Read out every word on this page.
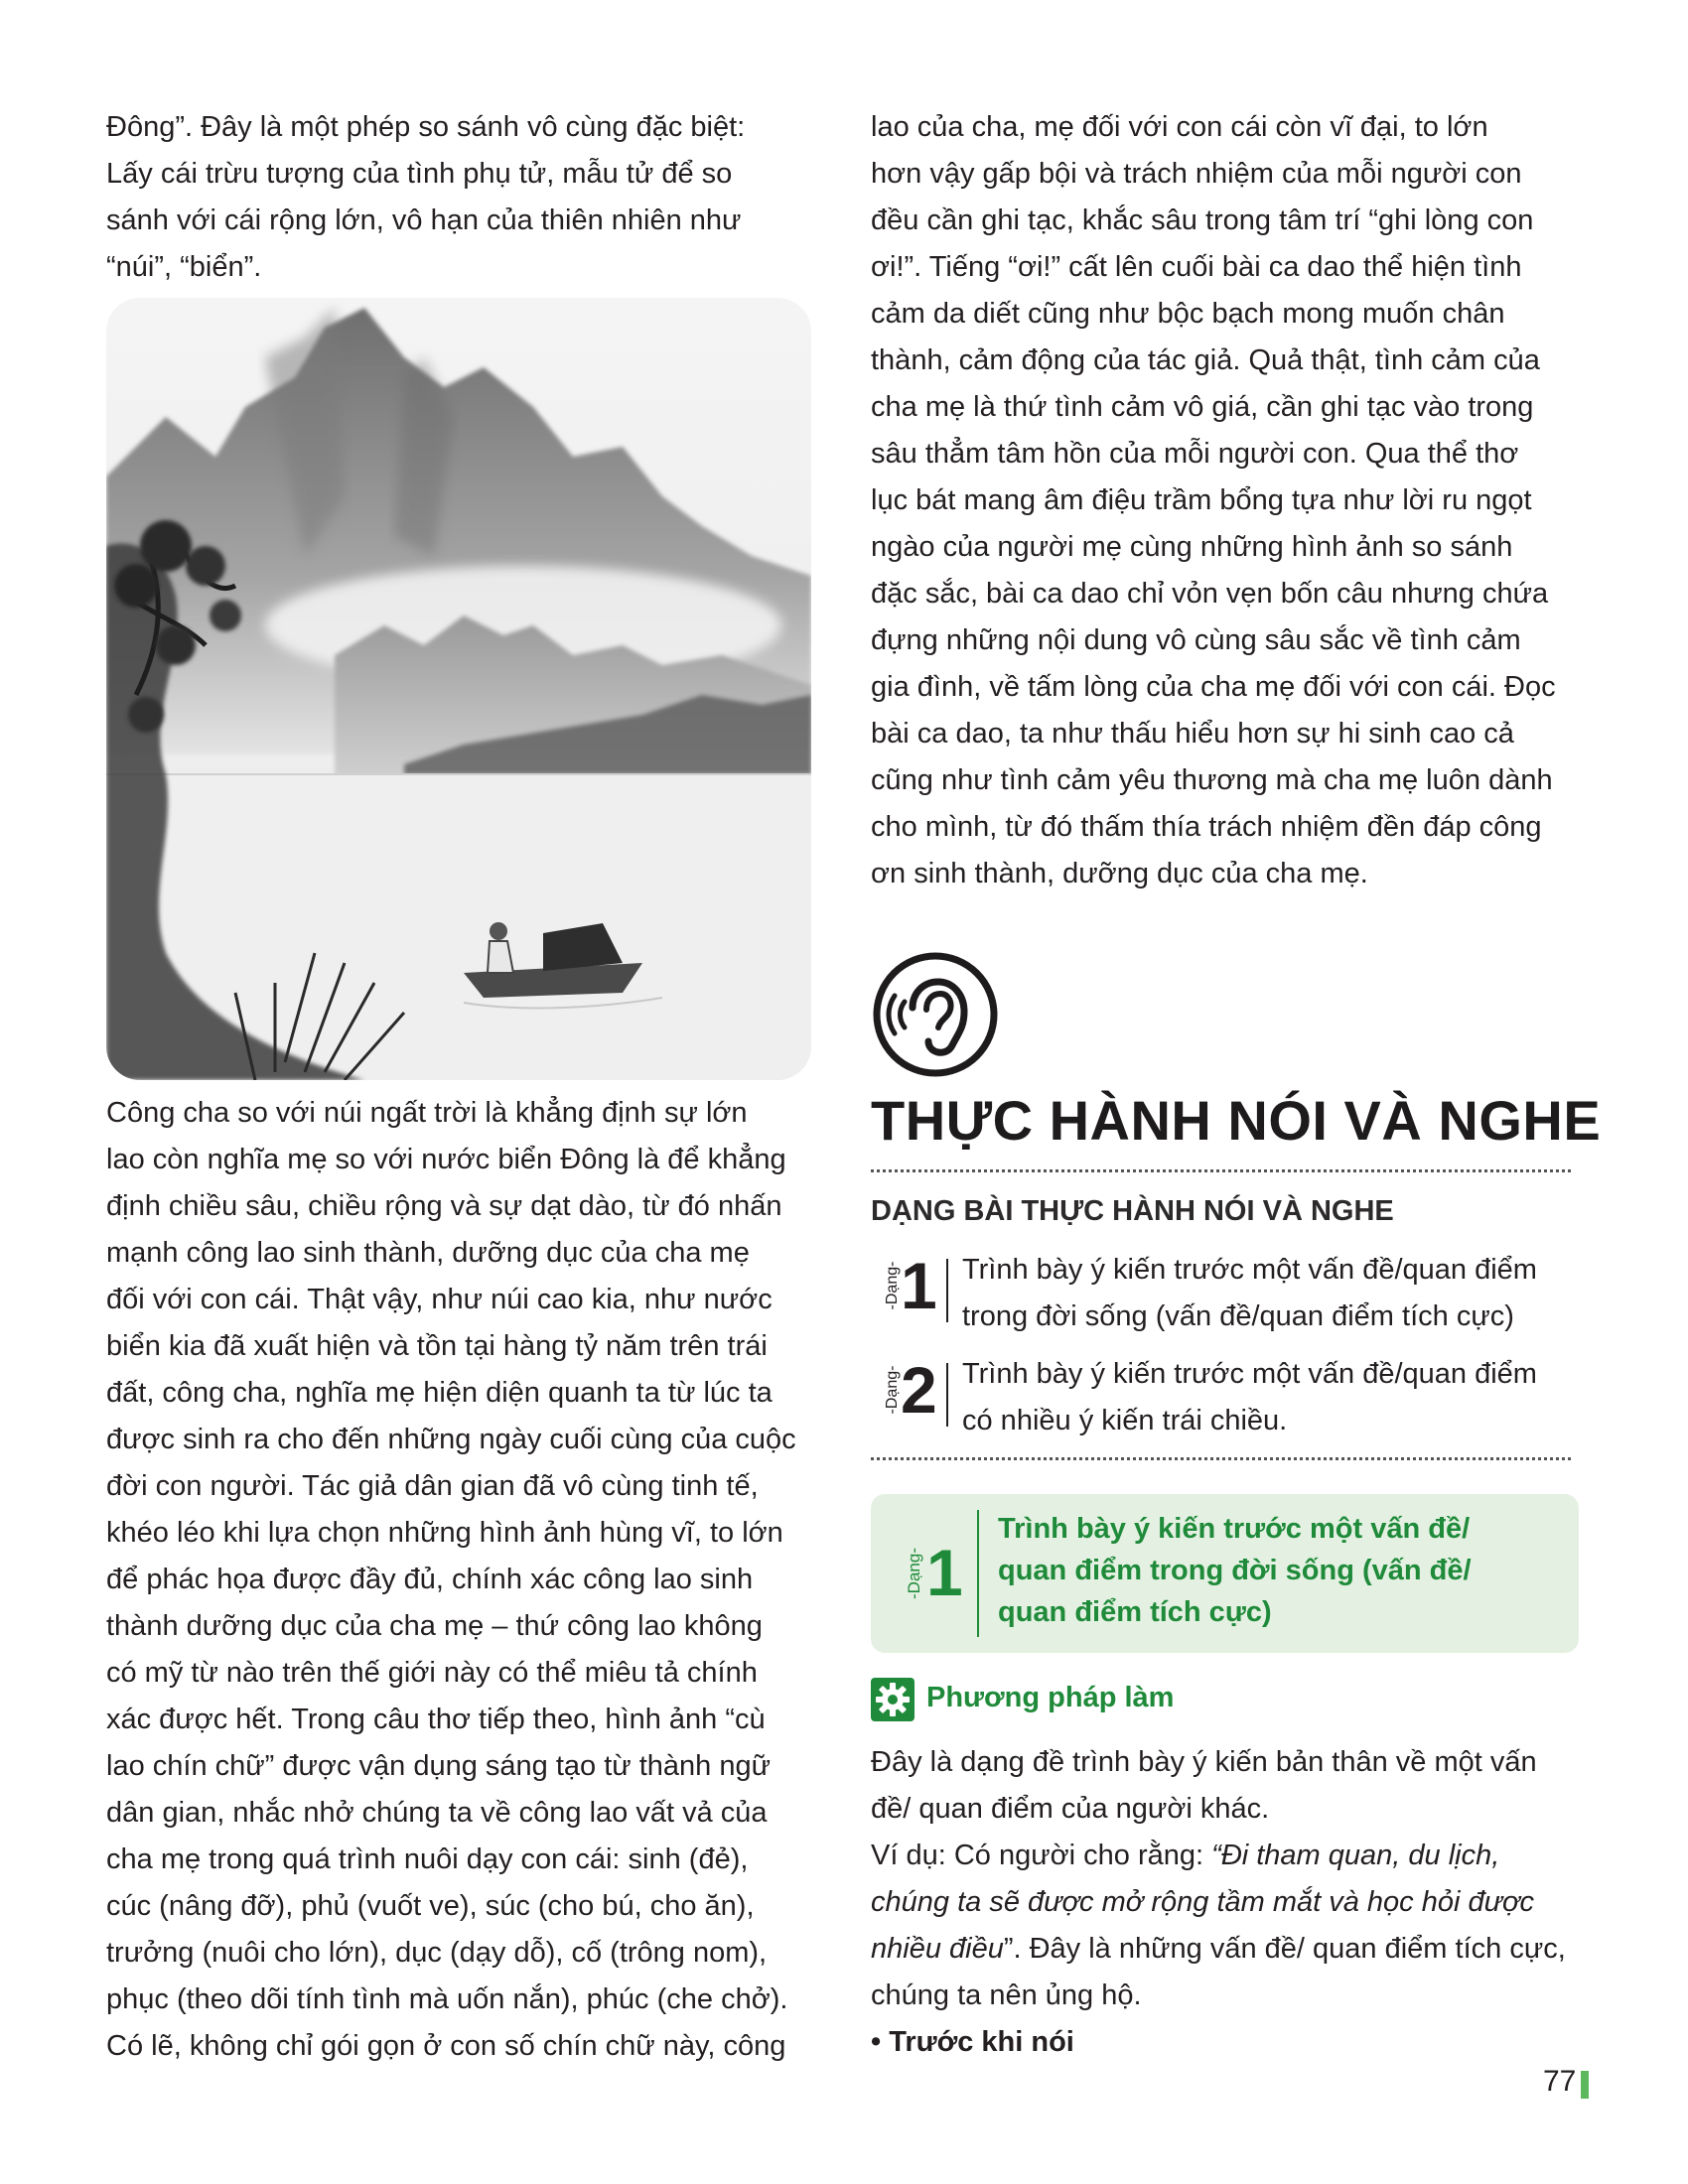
Đông”. Đây là một phép so sánh vô cùng đặc biệt:

Lấy cái trừu tượng của tình phụ tử, mẫu tử để so

sánh với cái rộng lớn, vô hạn của thiên nhiên như

“núi”, “biển”.

Công cha so với núi ngất trời là khẳng định sự lớn

lao còn nghĩa mẹ so với nước biển Đông là để khẳng

định chiều sâu, chiều rộng và sự dạt dào, từ đó nhấn

mạnh công lao sinh thành, dưỡng dục của cha mẹ

đối với con cái. Thật vậy, như núi cao kia, như nước

biển kia đã xuất hiện và tồn tại hàng tỷ năm trên trái

đất, công cha, nghĩa mẹ hiện diện quanh ta từ lúc ta

được sinh ra cho đến những ngày cuối cùng của cuộc

đời con người. Tác giả dân gian đã vô cùng tinh tế,

khéo léo khi lựa chọn những hình ảnh hùng vĩ, to lớn

để phác họa được đầy đủ, chính xác công lao sinh

thành dưỡng dục của cha mẹ – thứ công lao không

có mỹ từ nào trên thế giới này có thể miêu tả chính

xác được hết. Trong câu thơ tiếp theo, hình ảnh “cù

lao chín chữ” được vận dụng sáng tạo từ thành ngữ

dân gian, nhắc nhở chúng ta về công lao vất vả của

cha mẹ trong quá trình nuôi dạy con cái: sinh (đẻ),

cúc (nâng đỡ), phủ (vuốt ve), súc (cho bú, cho ăn),

trưởng (nuôi cho lớn), dục (dạy dỗ), cố (trông nom),

phục (theo dõi tính tình mà uốn nắn), phúc (che chở).

Có lẽ, không chỉ gói gọn ở con số chín chữ này, công

lao của cha, mẹ đối với con cái còn vĩ đại, to lớn

hơn vậy gấp bội và trách nhiệm của mỗi người con

đều cần ghi tạc, khắc sâu trong tâm trí “ghi lòng con

ơi!”. Tiếng “ơi!” cất lên cuối bài ca dao thể hiện tình

cảm da diết cũng như bộc bạch mong muốn chân

thành, cảm động của tác giả. Quả thật, tình cảm của

cha mẹ là thứ tình cảm vô giá, cần ghi tạc vào trong

sâu thẳm tâm hồn của mỗi người con. Qua thể thơ

lục bát mang âm điệu trầm bổng tựa như lời ru ngọt

ngào của người mẹ cùng những hình ảnh so sánh

đặc sắc, bài ca dao chỉ vỏn vẹn bốn câu nhưng chứa

đựng những nội dung vô cùng sâu sắc về tình cảm

gia đình, về tấm lòng của cha mẹ đối với con cái. Đọc

bài ca dao, ta như thấu hiểu hơn sự hi sinh cao cả

cũng như tình cảm yêu thương mà cha mẹ luôn dành

cho mình, từ đó thấm thía trách nhiệm đền đáp công

ơn sinh thành, dưỡng dục của cha mẹ.

THỰC HÀNH NÓI VÀ NGHE
DẠNG BÀI THỰC HÀNH NÓI VÀ NGHE
-Dạng- 1 Trình bày ý kiến trước một vấn đề/quan điểm
trong đời sống (vấn đề/quan điểm tích cực)
-Dạng- 2 Trình bày ý kiến trước một vấn đề/quan điểm
có nhiều ý kiến trái chiều.
-Dạng- 1
Trình bày ý kiến trước một vấn đề/
quan điểm trong đời sống (vấn đề/
quan điểm tích cực)
Phương pháp làm

Đây là dạng đề trình bày ý kiến bản thân về một vấn

đề/ quan điểm của người khác.

Ví dụ: Có người cho rằng: “Đi tham quan, du lịch,

chúng ta sẽ được mở rộng tầm mắt và học hỏi được

nhiều điều”. Đây là những vấn đề/ quan điểm tích cực,

chúng ta nên ủng hộ.

• Trước khi nói

77
